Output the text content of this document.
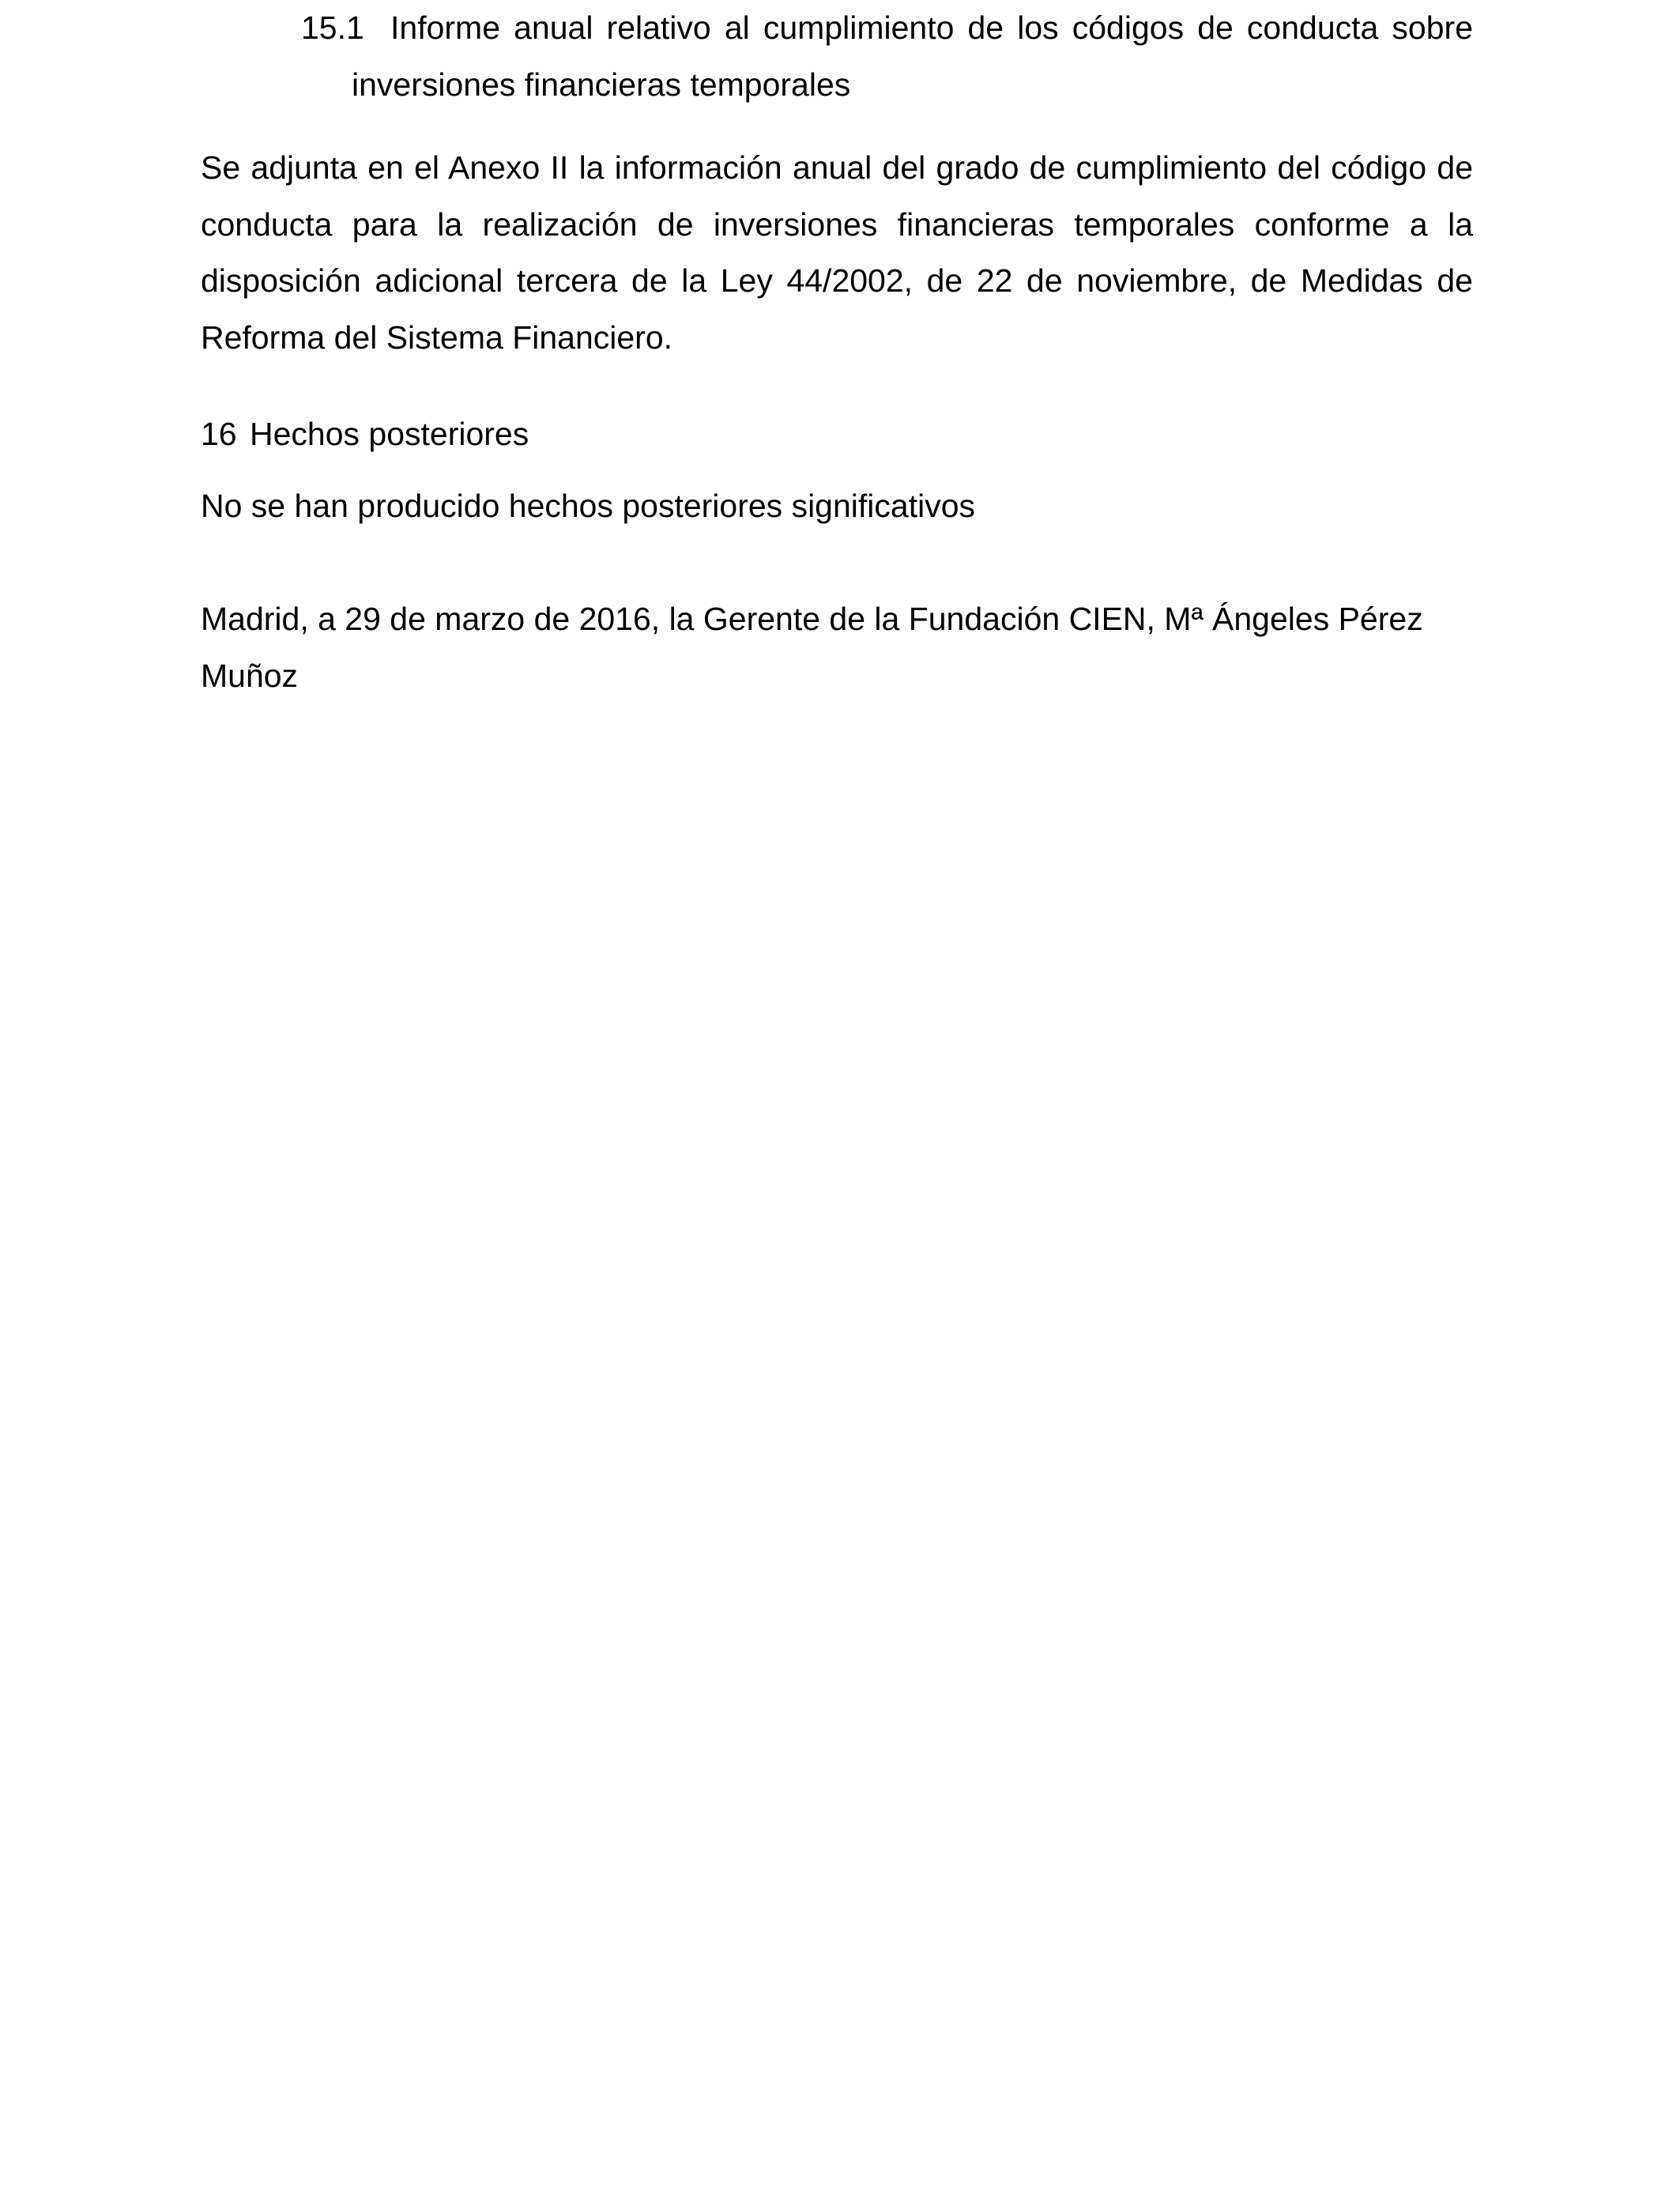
15.1 Informe anual relativo al cumplimiento de los códigos de conducta sobre
inversiones financieras temporales
Se adjunta en el Anexo II la información anual del grado de cumplimiento del código de
conducta para la realización de inversiones financieras temporales conforme a la
disposición adicional tercera de la Ley 44/2002, de 22 de noviembre, de Medidas de
Reforma del Sistema Financiero.
16 Hechos posteriores
No se han producido hechos posteriores significativos
Madrid, a 29 de marzo de 2016, la Gerente de la Fundación CIEN, Mª Ángeles Pérez
Muñoz
